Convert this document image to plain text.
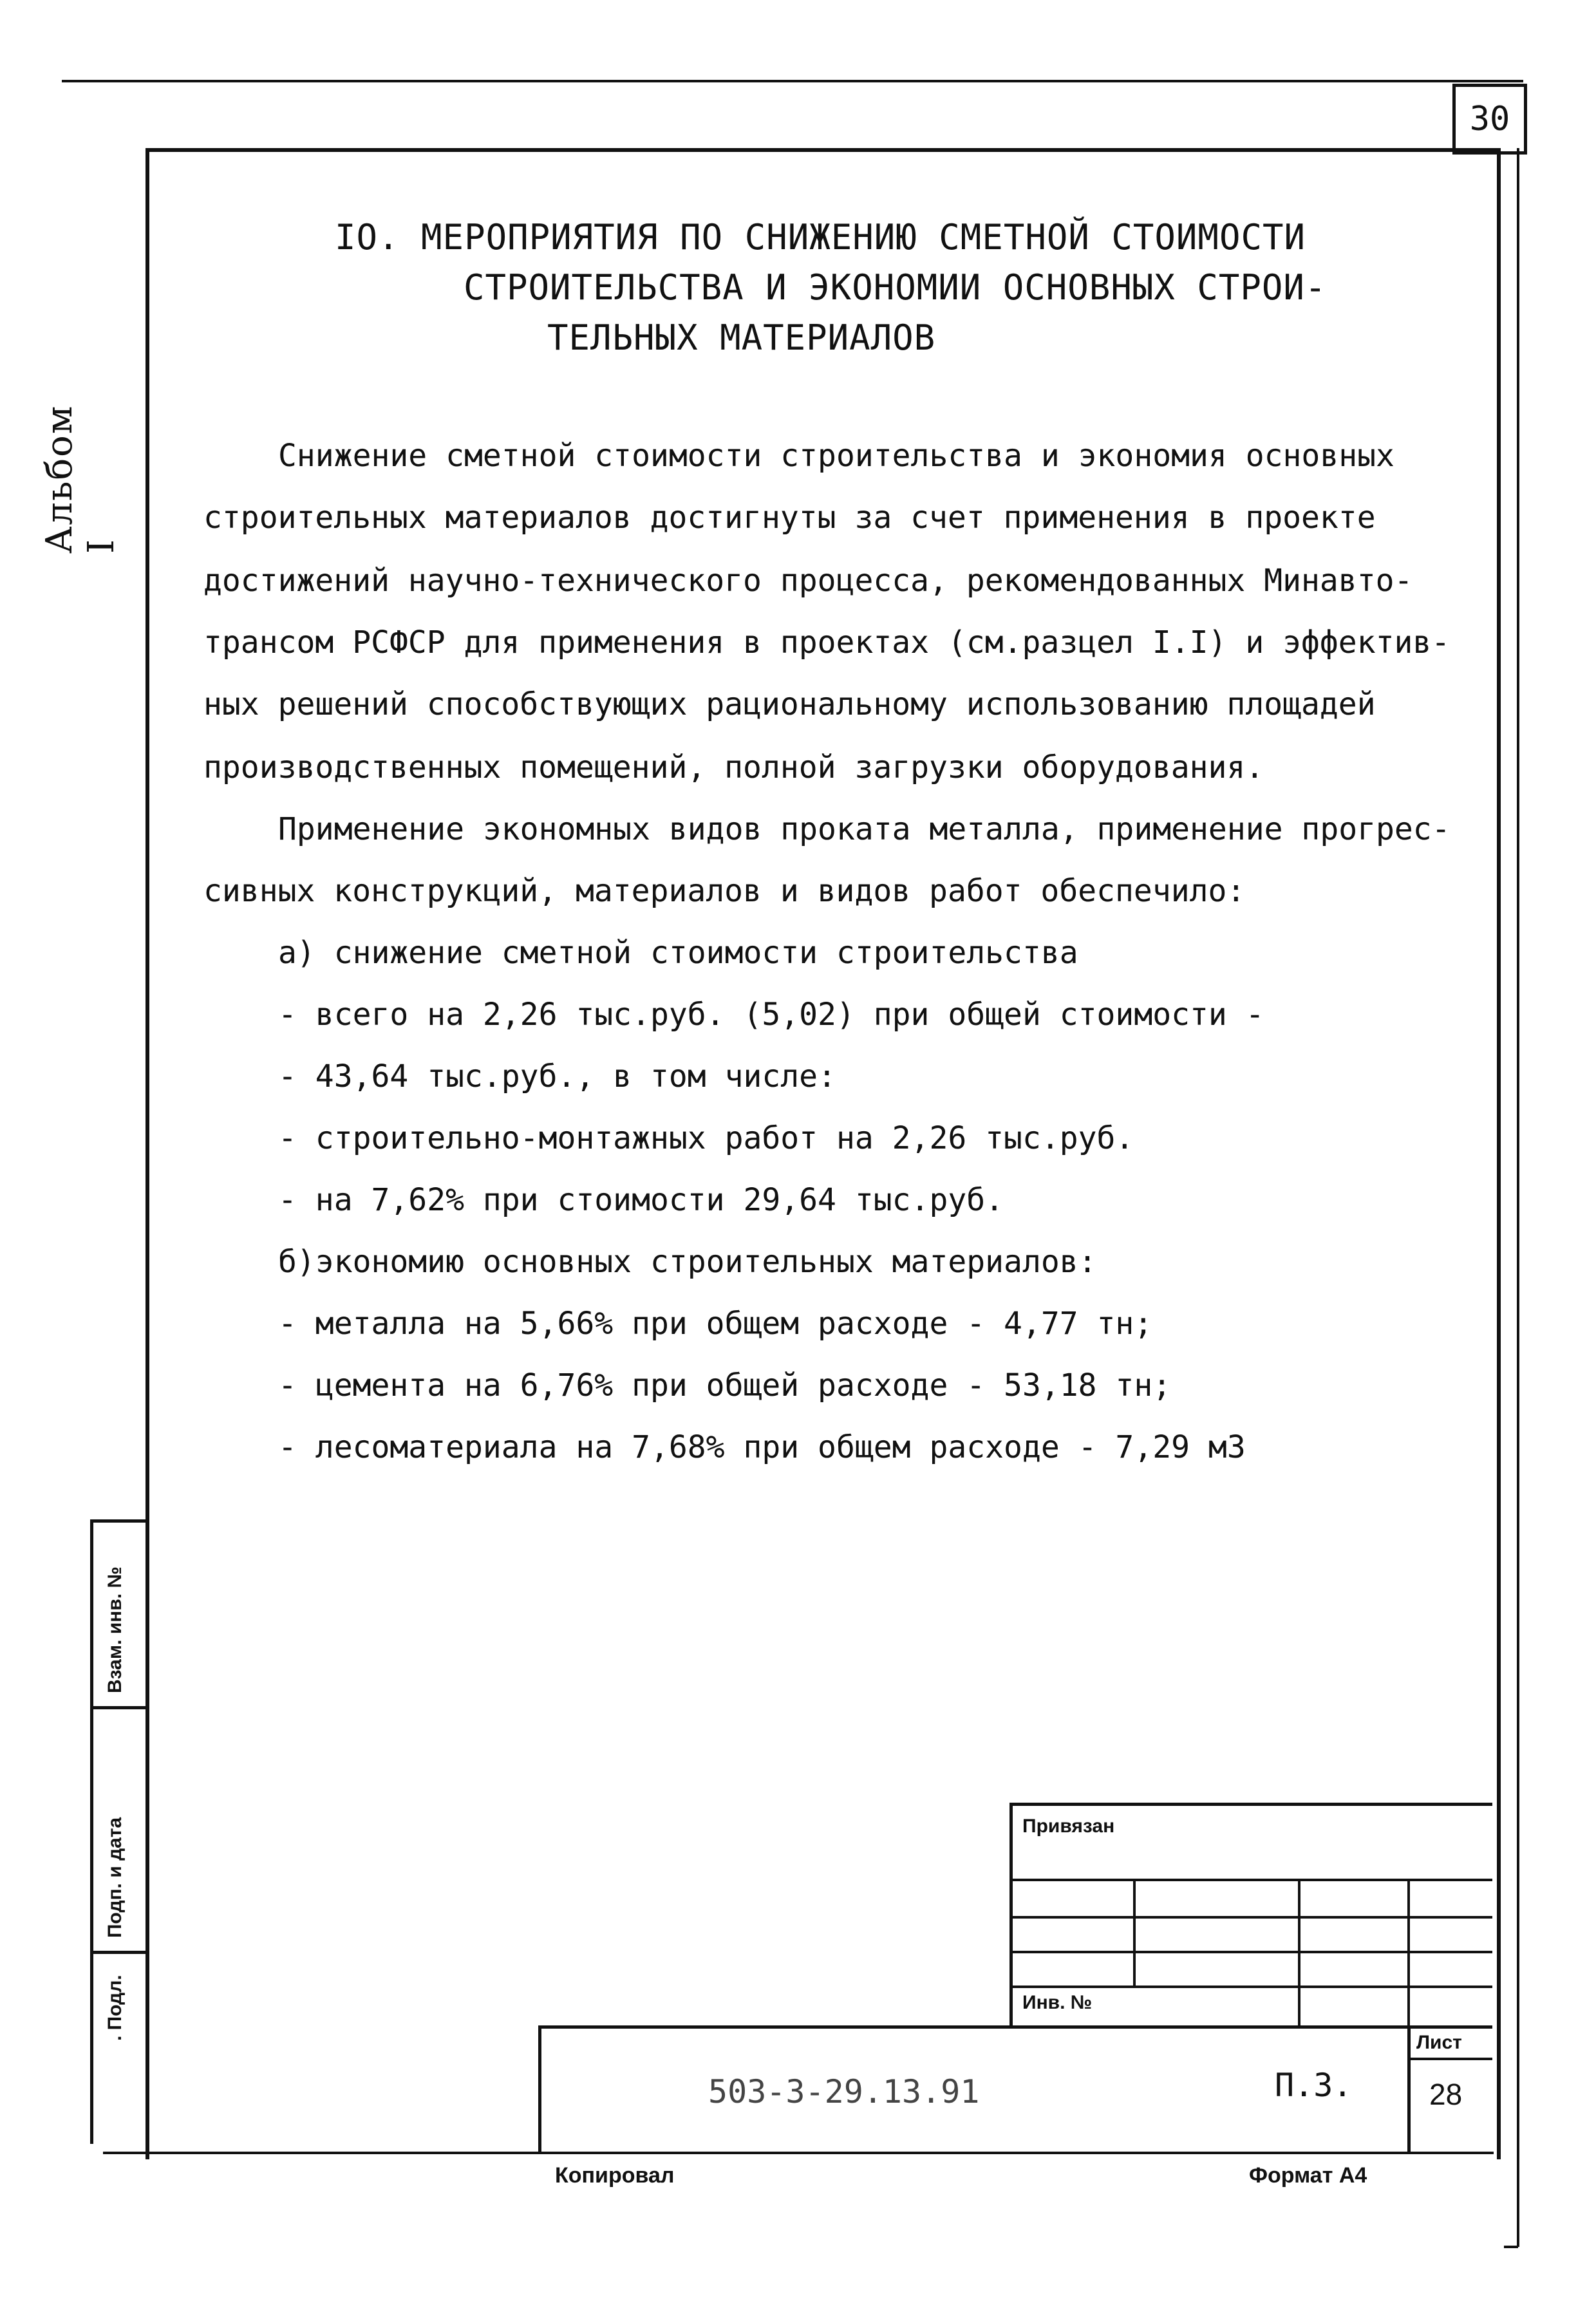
30
Альбом I
IO. МЕРОПРИЯТИЯ ПО СНИЖЕНИЮ СМЕТНОЙ СТОИМОСТИ
СТРОИТЕЛЬСТВА И ЭКОНОМИИ ОСНОВНЫХ СТРОИ-
ТЕЛЬНЫХ МАТЕРИАЛОВ
Снижение сметной стоимости строительства и экономия основных
строительных материалов достигнуты за счет применения в проекте
достижений научно-технического процесса, рекомендованных Минавто-
трансом РСФСР для применения в проектах (см.разцел I.I) и эффектив-
ных решений способствующих рациональному использованию площадей
производственных помещений, полной загрузки оборудования.
Применение экономных видов проката металла, применение прогрес-
сивных конструкций, материалов и видов работ обеспечило:
а) снижение сметной стоимости строительства
- всего на 2,26 тыс.руб. (5,02) при общей стоимости -
- 43,64 тыс.руб., в том числе:
- строительно-монтажных работ на 2,26 тыс.руб.
- на 7,62% при стоимости 29,64 тыс.руб.
б)экономию основных строительных материалов:
- металла на 5,66% при общем расходе - 4,77 тн;
- цемента на 6,76% при общей расходе - 53,18 тн;
- лесоматериала на 7,68% при общем расходе - 7,29 м3
Взам. инв. №
Подп. и дата
. Подл.
Привязан
Инв. №
503-3-29.13.91	П.3.
Лист
28
Копировал	Формат А4
